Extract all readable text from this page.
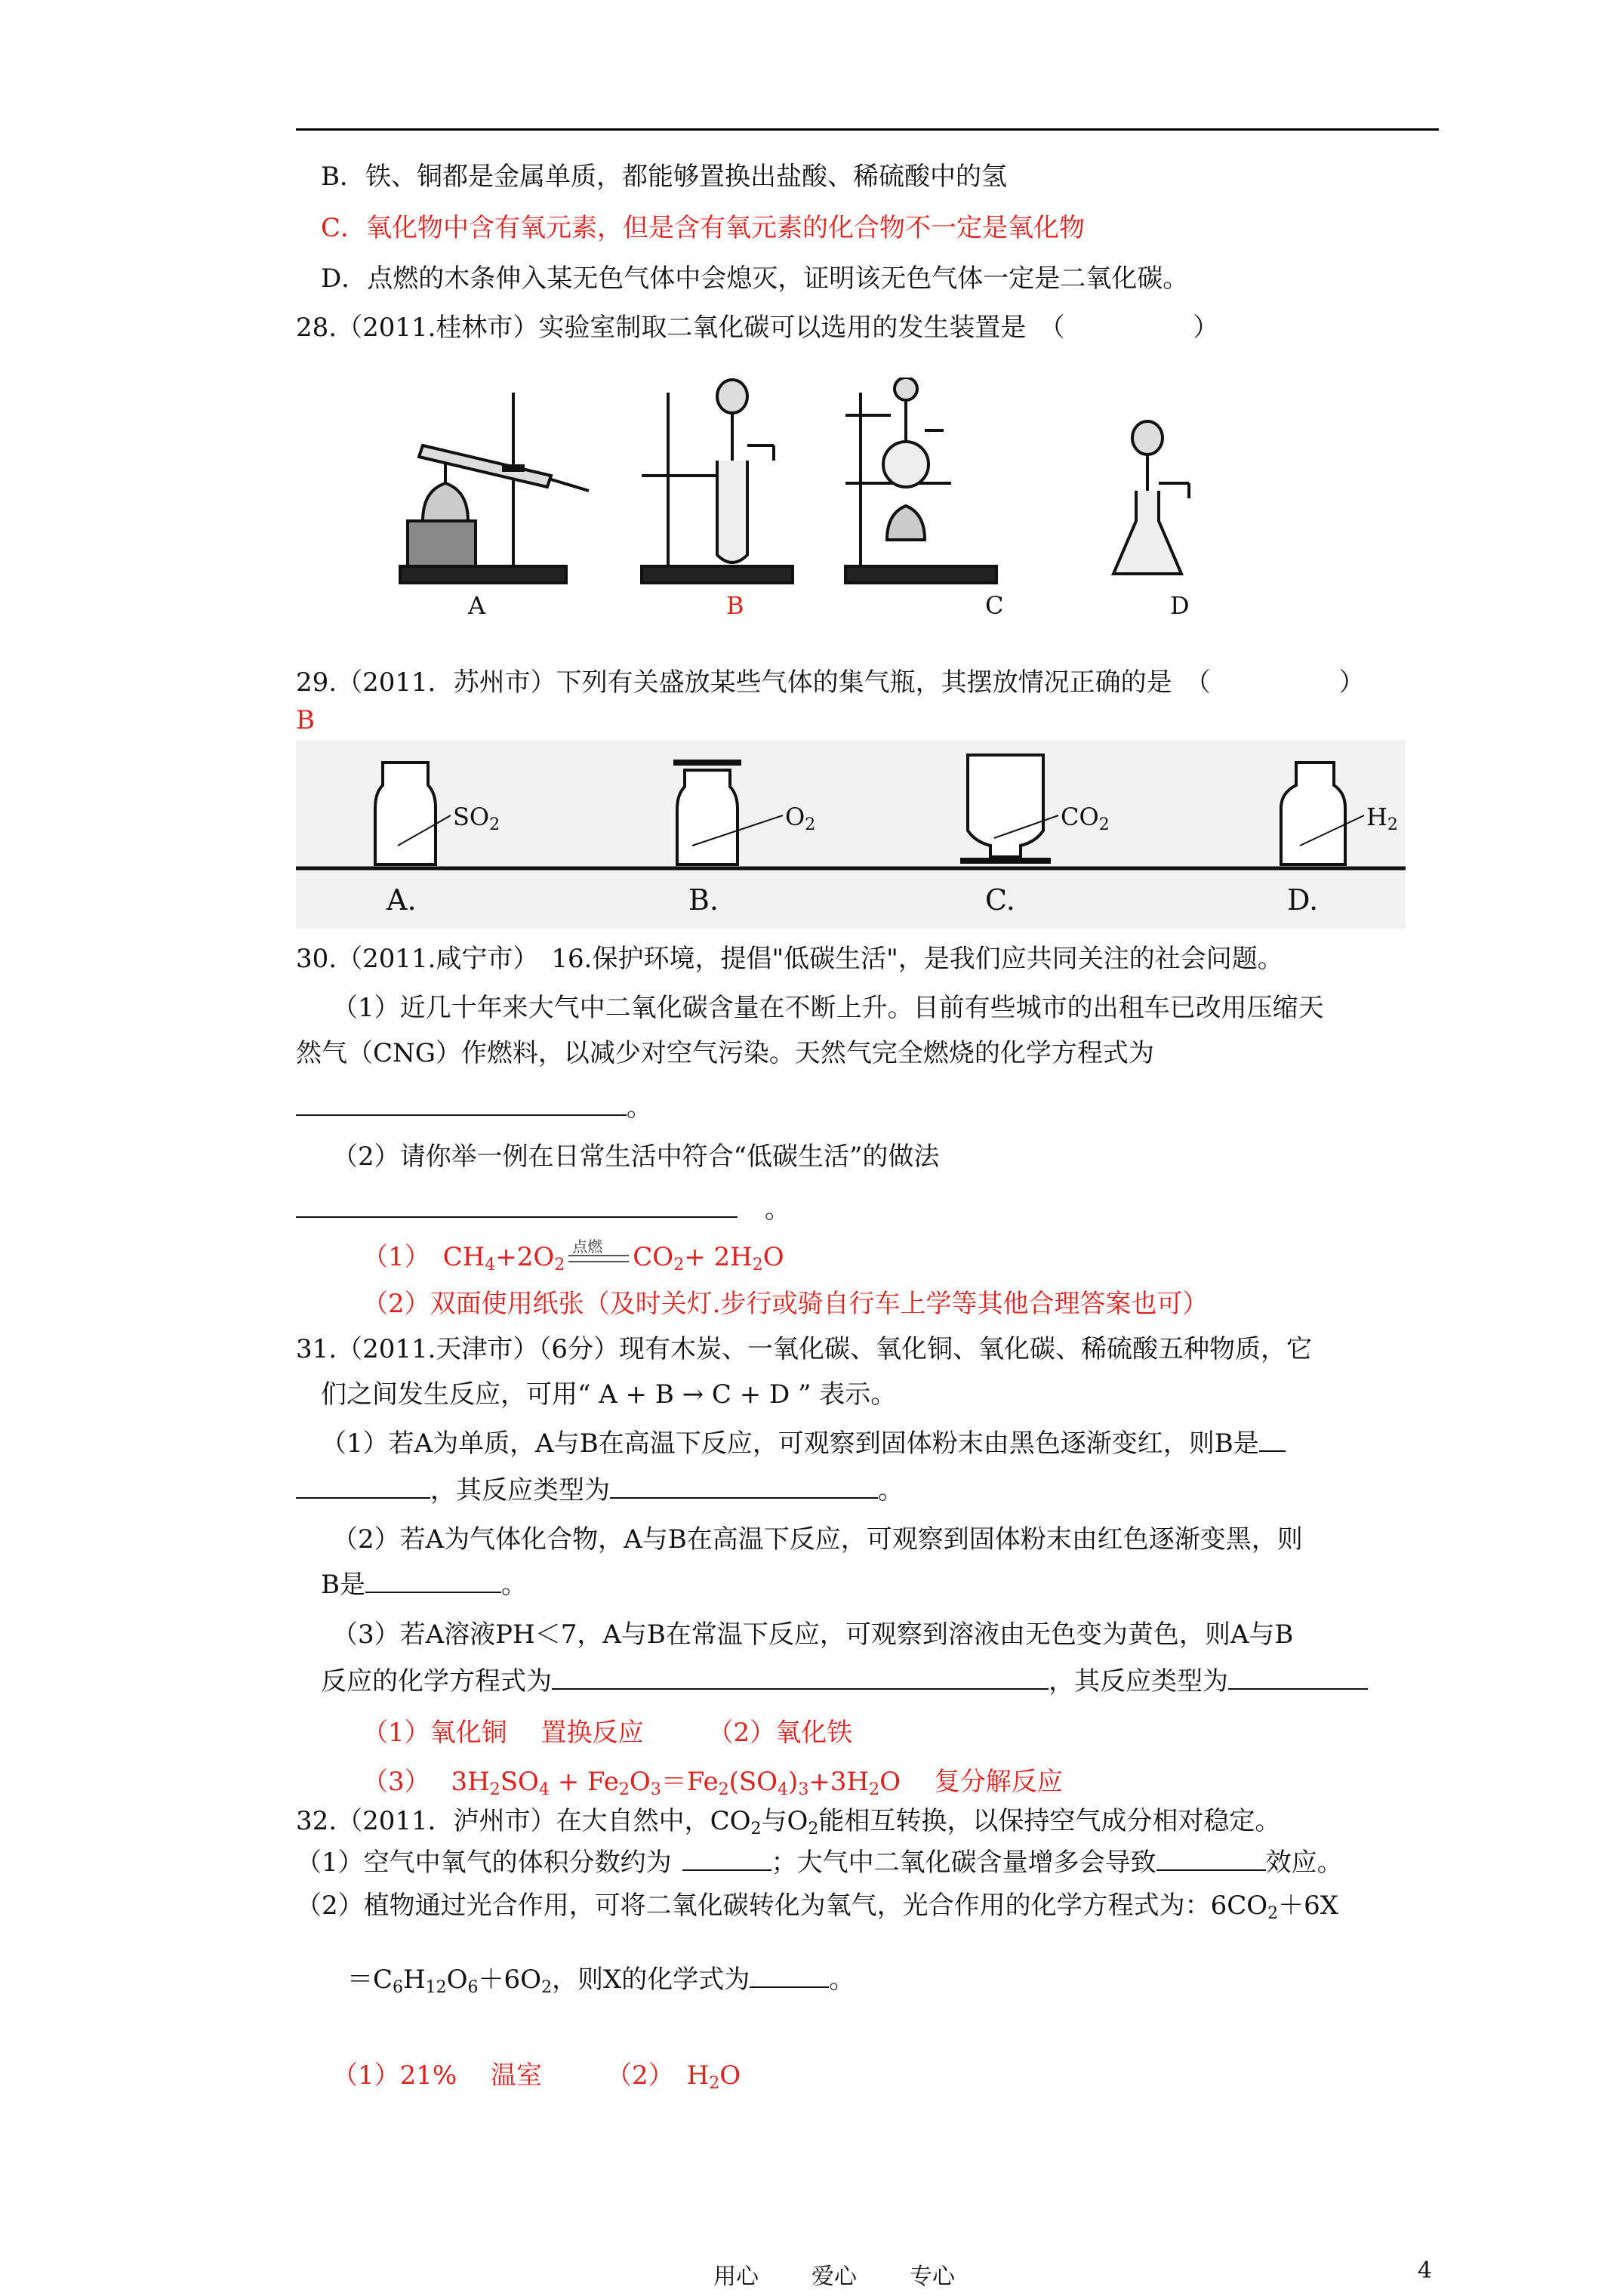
B．铁、铜都是金属单质，都能够置换出盐酸、稀硫酸中的氢
C．氧化物中含有氧元素，但是含有氧元素的化合物不一定是氧化物
D．点燃的木条伸入某无色气体中会熄灭，证明该无色气体一定是二氧化碳。
28.（2011.桂林市）实验室制取二氧化碳可以选用的发生装置是　（　　　　　）
A	B	C	D
29.（2011．苏州市）下列有关盛放某些气体的集气瓶，其摆放情况正确的是　（　　　　　）
B
$SO_2$	$O_2$	$CO_2$	$H_2$
A.	B.	C.	D.
30.（2011.咸宁市）　16.保护环境，提倡"低碳生活"，是我们应共同关注的社会问题。
（1）近几十年来大气中二氧化碳含量在不断上升。目前有些城市的出租车已改用压缩天
然气（CNG）作燃料，以减少对空气污染。天然气完全燃烧的化学方程式为
。
（2）请你举一例在日常生活中符合“低碳生活”的做法
。
（1）　$CH_4+2O_2$
点燃 $CO_2+ 2H_2O$
（2）双面使用纸张（及时关灯.步行或骑自行车上学等其他合理答案也可）
31.（2011.天津市）（6分）现有木炭、一氧化碳、氧化铜、氧化碳、稀硫酸五种物质，它
们之间发生反应，可用“ A + B → C + D ” 表示。
（1）若A为单质，A与B在高温下反应，可观察到固体粉末由黑色逐渐变红，则B是
，其反应类型为	。
（2）若A为气体化合物，A与B在高温下反应，可观察到固体粉末由红色逐渐变黑，则
B是	。
（3）若A溶液PH＜7，A与B在常温下反应，可观察到溶液由无色变为黄色，则A与B
反应的化学方程式为	，其反应类型为
（1）氧化铜　 置换反应　　　（2）氧化铁
（3）　 $3H_2SO_4 + Fe_2O_3=Fe_2(SO_4)_3+3H_2O$　 复分解反应
32.（2011．泸州市）在大自然中，$CO_2$与$O_2$能相互转换，以保持空气成分相对稳定。
（1）空气中氧气的体积分数约为	；大气中二氧化碳含量增多会导致	效应。
（2）植物通过光合作用，可将二氧化碳转化为氧气，光合作用的化学方程式为：$6CO_2+6X$
$=C_6H_{12}O_6+6O_2$，则X的化学式为	。
（1）21%　 温室　　　（2）　$H_2O$
用心 爱心 专心	4
